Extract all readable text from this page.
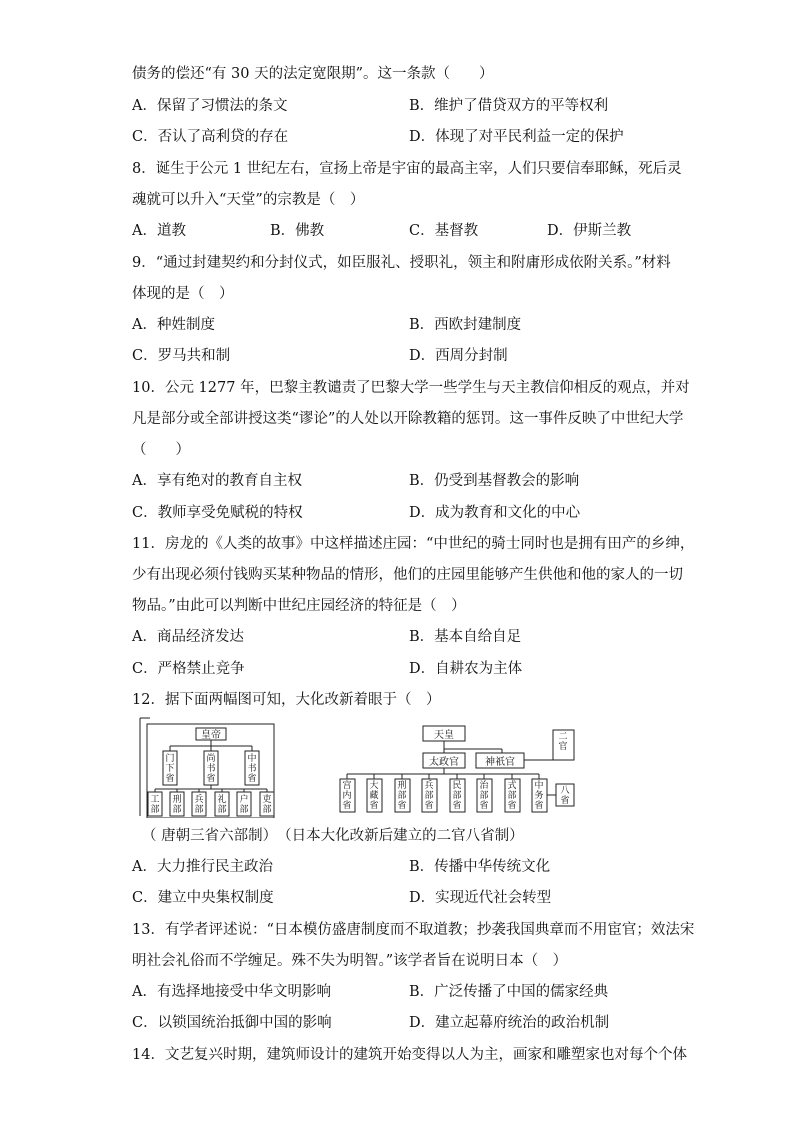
债务的偿还“有 30 天的法定宽限期”。这一条款（　　）
A．保留了习惯法的条文	B．维护了借贷双方的平等权利
C．否认了高利贷的存在	D．体现了对平民利益一定的保护
8．诞生于公元 1 世纪左右，宣扬上帝是宇宙的最高主宰，人们只要信奉耶稣，死后灵
魂就可以升入“天堂”的宗教是（　）
A．道教	B．佛教	C．基督教	D．伊斯兰教
9．“通过封建契约和分封仪式，如臣服礼、授职礼，领主和附庸形成依附关系。”材料
体现的是（　）
A．种姓制度	B．西欧封建制度
C．罗马共和制	D．西周分封制
10．公元 1277 年，巴黎主教谴责了巴黎大学一些学生与天主教信仰相反的观点，并对
凡是部分或全部讲授这类“谬论”的人处以开除教籍的惩罚。这一事件反映了中世纪大学
（　　）
A．享有绝对的教育自主权	B．仍受到基督教会的影响
C．教师享受免赋税的特权	D．成为教育和文化的中心
11．房龙的《人类的故事》中这样描述庄园：“中世纪的骑士同时也是拥有田产的乡绅，
少有出现必须付钱购买某种物品的情形，他们的庄园里能够产生供他和他的家人的一切
物品。”由此可以判断中世纪庄园经济的特征是（　）
A．商品经济发达	B．基本自给自足
C．严格禁止竞争	D．自耕农为主体
12．据下面两幅图可知，大化改新着眼于（　）
皇帝
门下省
尚书省
中书省
工部
刑部
兵部
礼部
户部
吏部
天皇
太政官	神祇官
二官
宫内省
大藏省
刑部省
兵部省
民部省
治部省
式部省
中务省
八省
（ 唐朝三省六部制）　（日本大化改新后建立的二官八省制）
A．大力推行民主政治	B．传播中华传统文化
C．建立中央集权制度	D．实现近代社会转型
13．有学者评述说：“日本模仿盛唐制度而不取道教；抄袭我国典章而不用宦官；效法宋
明社会礼俗而不学缠足。殊不失为明智。”该学者旨在说明日本（　）
A．有选择地接受中华文明影响	B．广泛传播了中国的儒家经典
C．以锁国统治抵御中国的影响	D．建立起幕府统治的政治机制
14．文艺复兴时期，建筑师设计的建筑开始变得以人为主，画家和雕塑家也对每个个体
